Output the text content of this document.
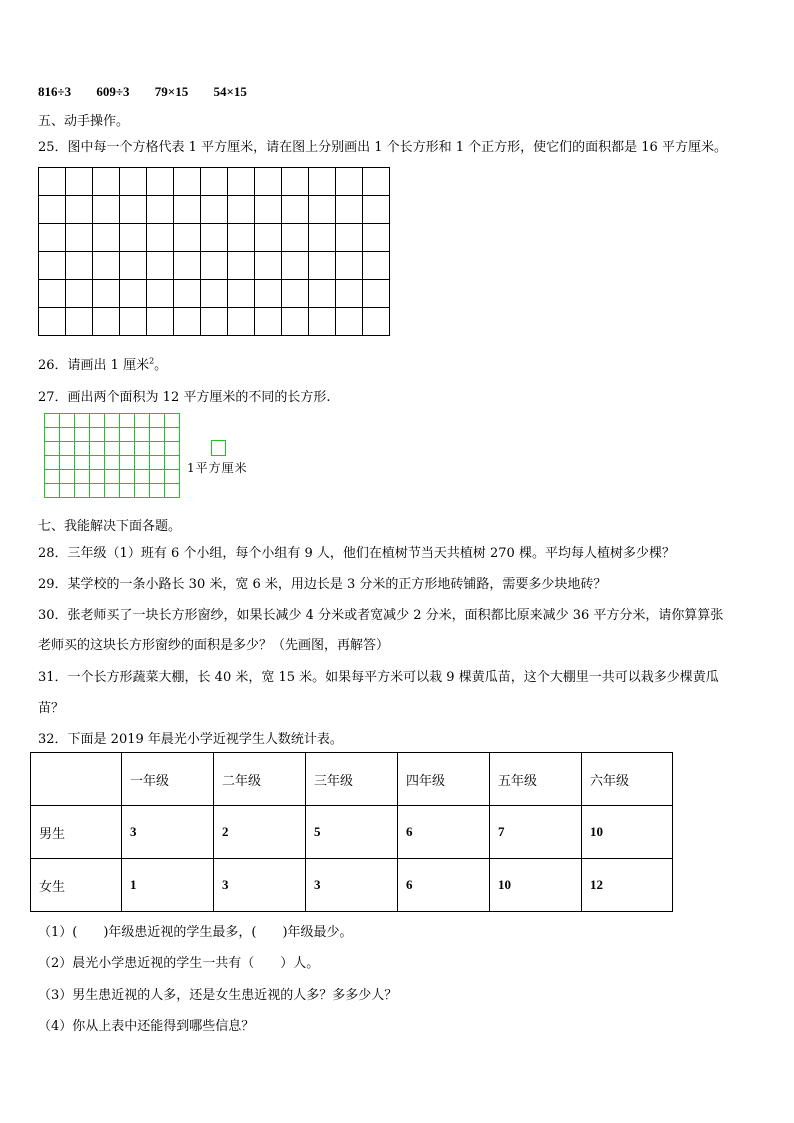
816÷3 609÷3 79×15 54×15
五、动手操作。
25．图中每一个方格代表 1 平方厘米，请在图上分别画出 1 个长方形和 1 个正方形，使它们的面积都是 16 平方厘米。

26．请画出 1 厘米$^2$。
27．画出两个面积为 12 平方厘米的不同的长方形.

1平方厘米
七、我能解决下面各题。
28．三年级（1）班有 6 个小组，每个小组有 9 人，他们在植树节当天共植树 270 棵。平均每人植树多少棵？
29．某学校的一条小路长 30 米，宽 6 米，用边长是 3 分米的正方形地砖铺路，需要多少块地砖？
30．张老师买了一块长方形窗纱，如果长减少 4 分米或者宽减少 2 分米，面积都比原来减少 36 平方分米，请你算算张
老师买的这块长方形窗纱的面积是多少？（先画图，再解答）
31．一个长方形蔬菜大棚，长 40 米，宽 15 米。如果每平方米可以栽 9 棵黄瓜苗，这个大棚里一共可以栽多少棵黄瓜
苗？
32．下面是 2019 年晨光小学近视学生人数统计表。
	一年级	二年级	三年级	四年级	五年级	六年级
男生	3	2	5	6	7	10
女生	1	3	3	6	10	12
（1）(　　)年级患近视的学生最多，(　　)年级最少。
（2）晨光小学患近视的学生一共有（　　）人。
（3）男生患近视的人多，还是女生患近视的人多？多多少人？
（4）你从上表中还能得到哪些信息？
